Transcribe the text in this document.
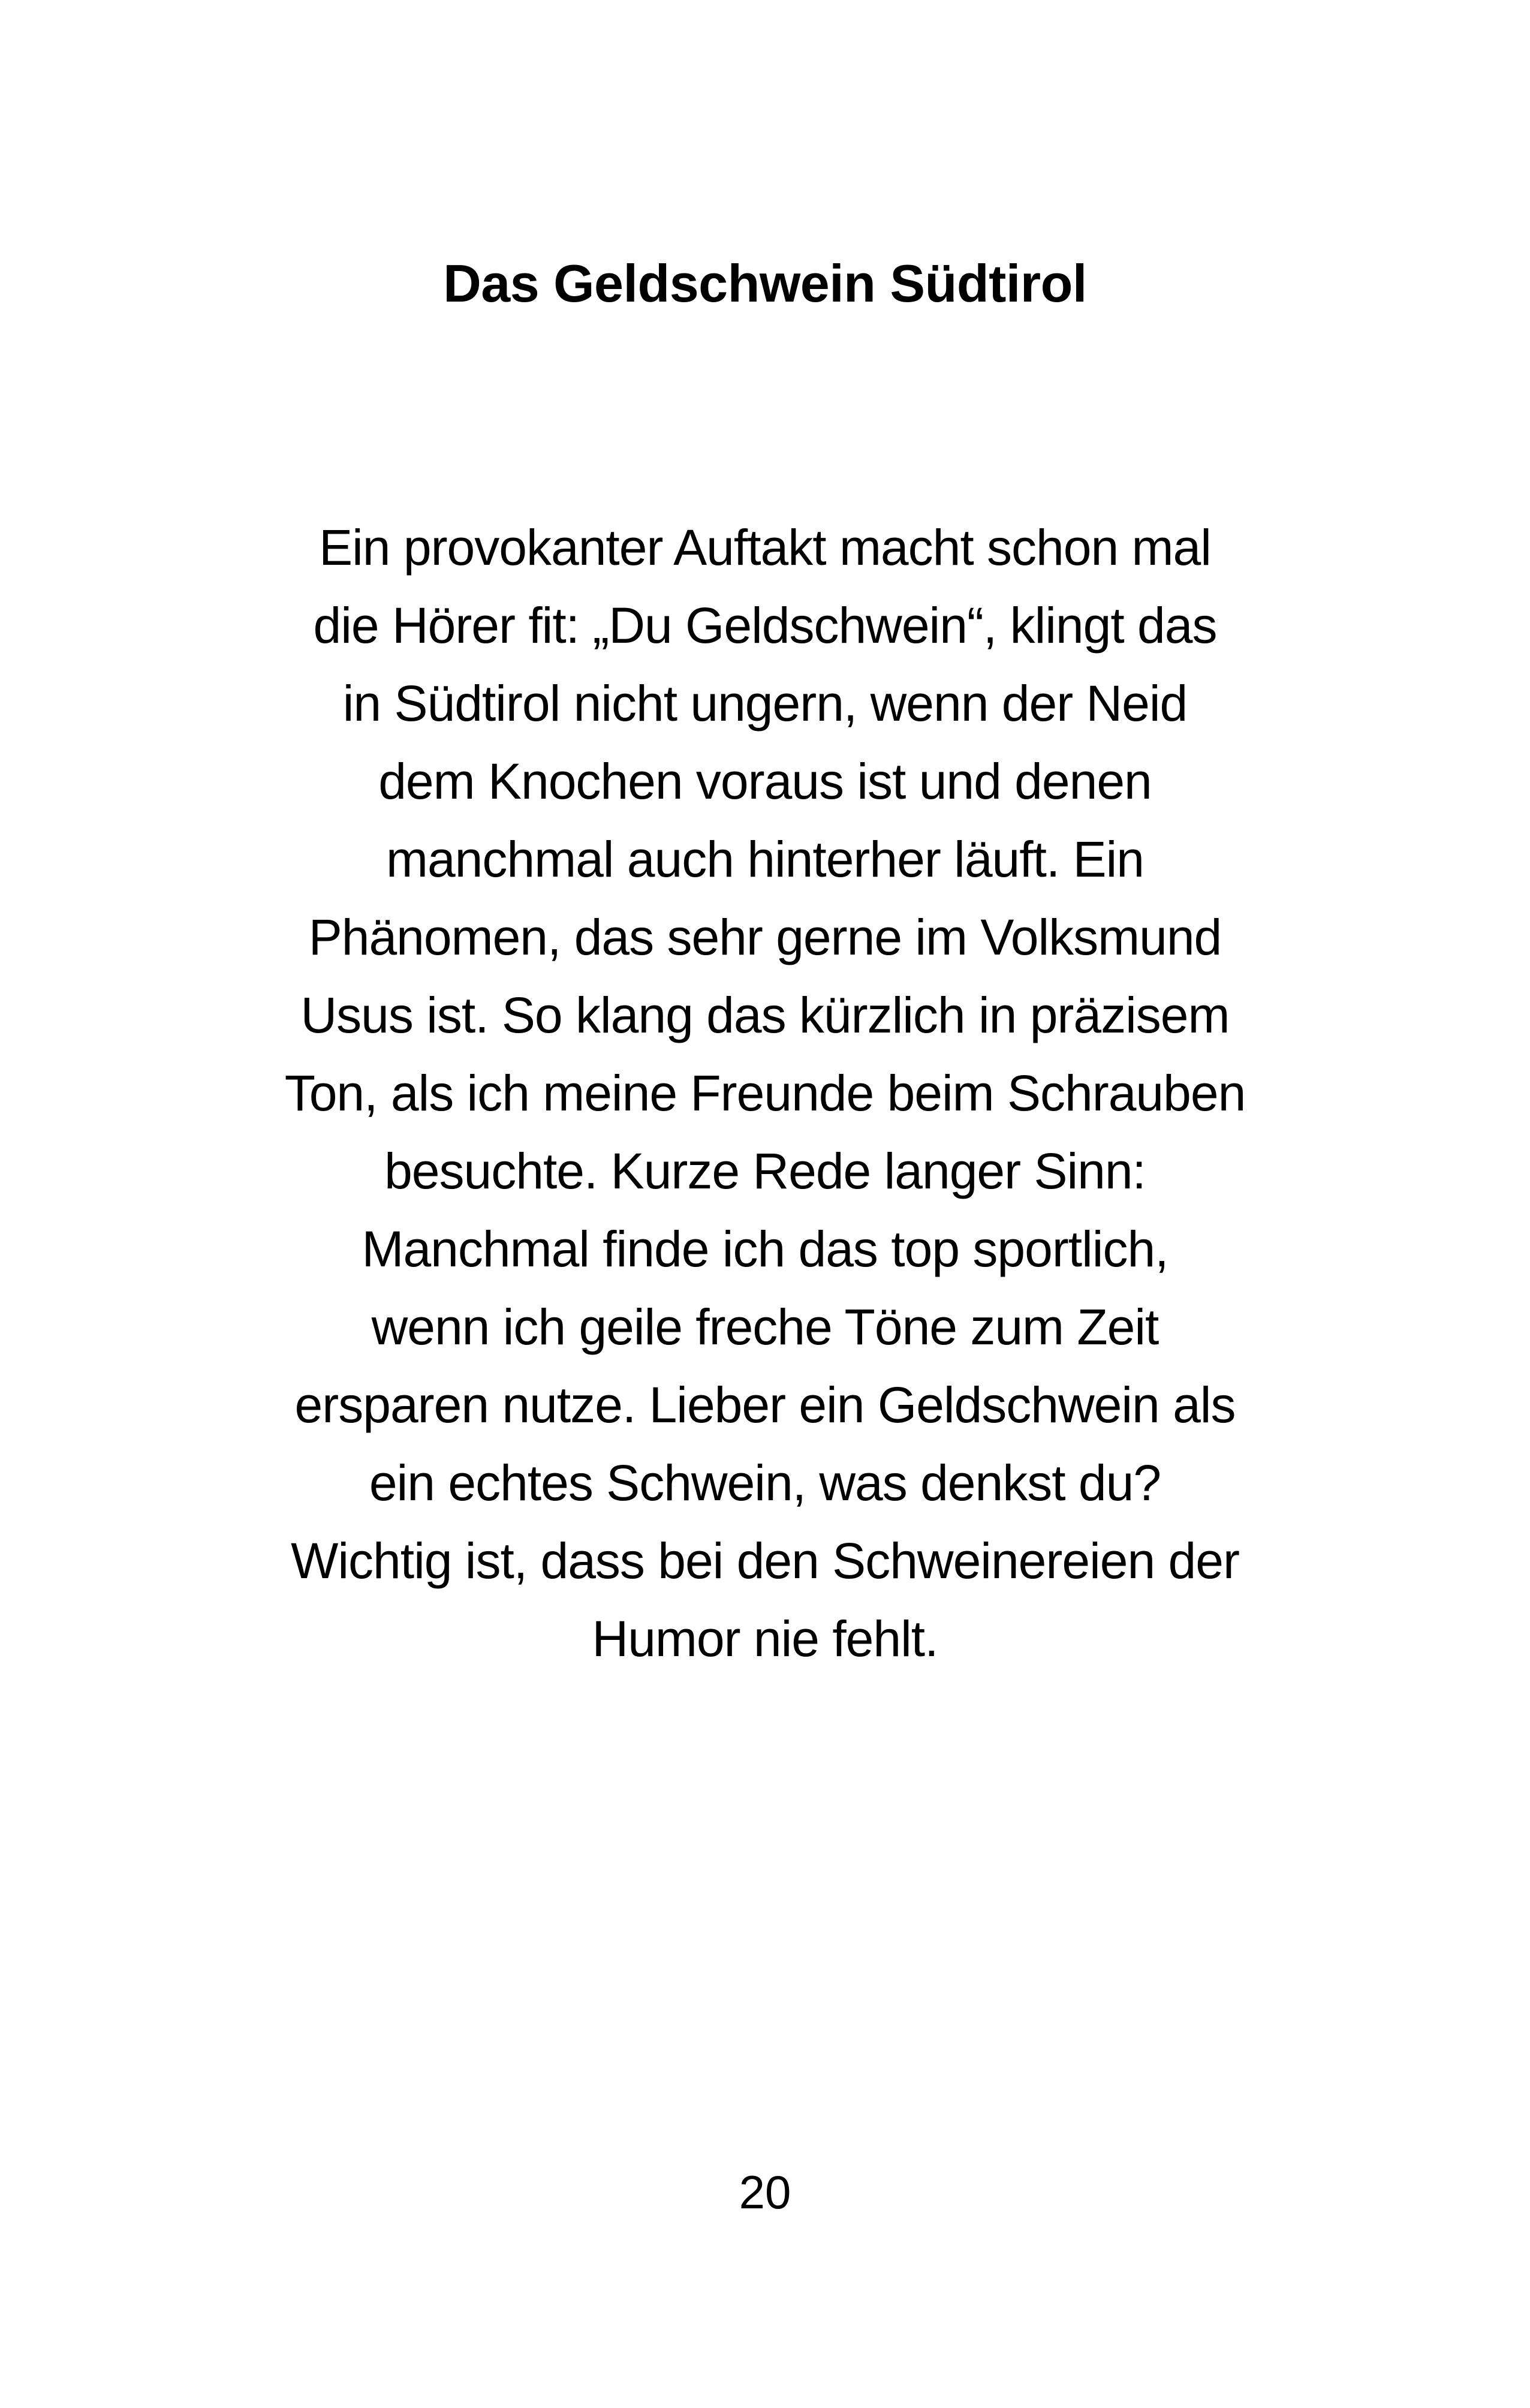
Das Geldschwein Südtirol
Ein provokanter Auftakt macht schon mal
die Hörer fit: „Du Geldschwein“, klingt das
in Südtirol nicht ungern, wenn der Neid
dem Knochen voraus ist und denen
manchmal auch hinterher läuft. Ein
Phänomen, das sehr gerne im Volksmund
Usus ist. So klang das kürzlich in präzisem
Ton, als ich meine Freunde beim Schrauben
besuchte. Kurze Rede langer Sinn:
Manchmal finde ich das top sportlich,
wenn ich geile freche Töne zum Zeit
ersparen nutze. Lieber ein Geldschwein als
ein echtes Schwein, was denkst du?
Wichtig ist, dass bei den Schweinereien der
Humor nie fehlt.
20
